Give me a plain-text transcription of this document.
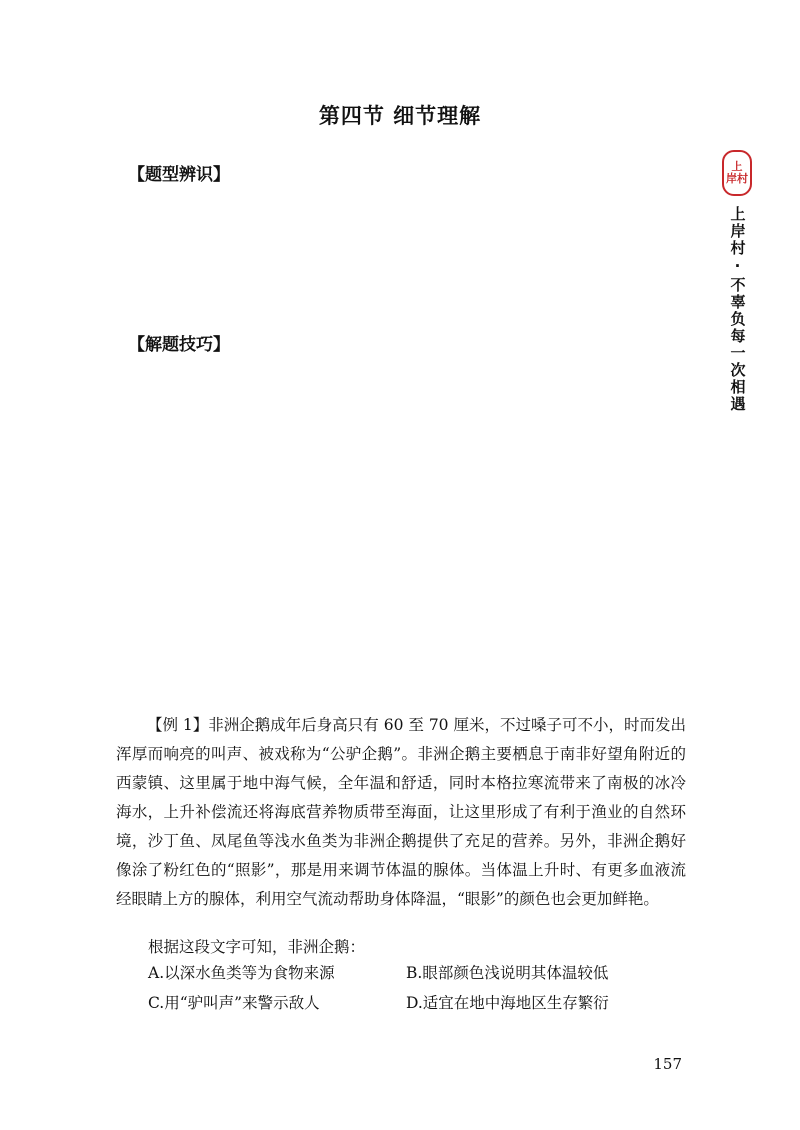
第四节 细节理解
【题型辨识】
【解题技巧】
上
岸村
上岸村·不辜负每一次相遇
【例 1】非洲企鹅成年后身高只有 60 至 70 厘米，不过嗓子可不小，时而发出浑厚而响亮的叫声、被戏称为“公驴企鹅”。非洲企鹅主要栖息于南非好望角附近的西蒙镇、这里属于地中海气候，全年温和舒适，同时本格拉寒流带来了南极的冰冷海水，上升补偿流还将海底营养物质带至海面，让这里形成了有利于渔业的自然环境，沙丁鱼、凤尾鱼等浅水鱼类为非洲企鹅提供了充足的营养。另外，非洲企鹅好像涂了粉红色的“照影”，那是用来调节体温的腺体。当体温上升时、有更多血液流经眼睛上方的腺体，利用空气流动帮助身体降温，“眼影”的颜色也会更加鲜艳。
根据这段文字可知，非洲企鹅：
A.以深水鱼类等为食物来源	B.眼部颜色浅说明其体温较低
C.用“驴叫声”来警示敌人	D.适宜在地中海地区生存繁衍
157
